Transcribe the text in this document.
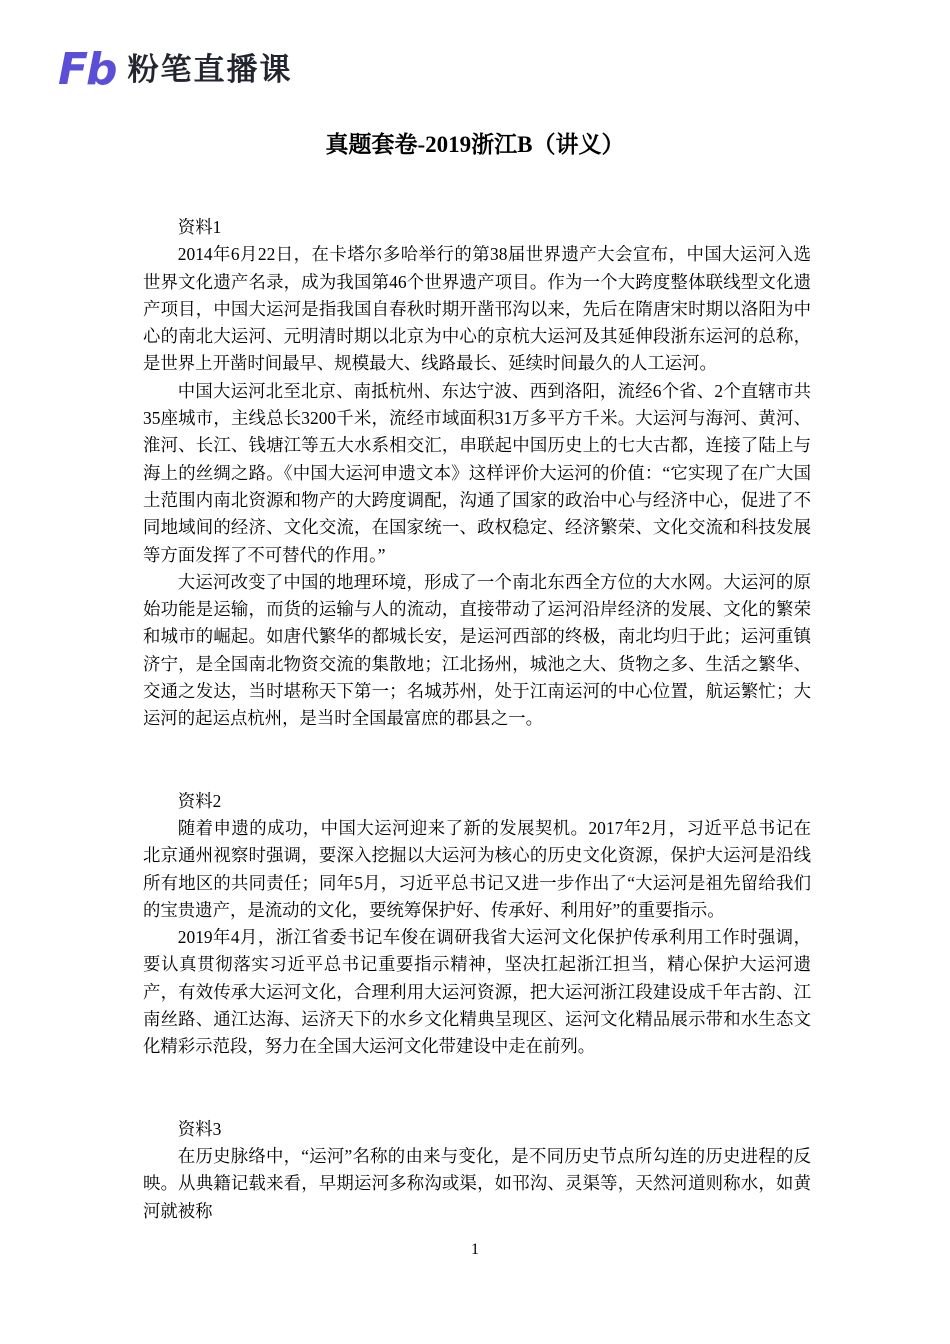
Fb 粉笔直播课
真题套卷-2019浙江B（讲义）

资料1

2014年6月22日，在卡塔尔多哈举行的第38届世界遗产大会宣布，中国大运河入选世界文化遗产名录，成为我国第46个世界遗产项目。作为一个大跨度整体联线型文化遗产项目，中国大运河是指我国自春秋时期开凿邗沟以来，先后在隋唐宋时期以洛阳为中心的南北大运河、元明清时期以北京为中心的京杭大运河及其延伸段浙东运河的总称，是世界上开凿时间最早、规模最大、线路最长、延续时间最久的人工运河。

中国大运河北至北京、南抵杭州、东达宁波、西到洛阳，流经6个省、2个直辖市共35座城市，主线总长3200千米，流经市域面积31万多平方千米。大运河与海河、黄河、淮河、长江、钱塘江等五大水系相交汇，串联起中国历史上的七大古都，连接了陆上与海上的丝绸之路。《中国大运河申遗文本》这样评价大运河的价值：“它实现了在广大国土范围内南北资源和物产的大跨度调配，沟通了国家的政治中心与经济中心，促进了不同地域间的经济、文化交流，在国家统一、政权稳定、经济繁荣、文化交流和科技发展等方面发挥了不可替代的作用。”

大运河改变了中国的地理环境，形成了一个南北东西全方位的大水网。大运河的原始功能是运输，而货的运输与人的流动，直接带动了运河沿岸经济的发展、文化的繁荣和城市的崛起。如唐代繁华的都城长安，是运河西部的终极，南北均归于此；运河重镇济宁，是全国南北物资交流的集散地；江北扬州，城池之大、货物之多、生活之繁华、交通之发达，当时堪称天下第一；名城苏州，处于江南运河的中心位置，航运繁忙；大运河的起运点杭州，是当时全国最富庶的郡县之一。

资料2

随着申遗的成功，中国大运河迎来了新的发展契机。2017年2月，习近平总书记在北京通州视察时强调，要深入挖掘以大运河为核心的历史文化资源，保护大运河是沿线所有地区的共同责任；同年5月，习近平总书记又进一步作出了“大运河是祖先留给我们的宝贵遗产，是流动的文化，要统筹保护好、传承好、利用好”的重要指示。

2019年4月，浙江省委书记车俊在调研我省大运河文化保护传承利用工作时强调，要认真贯彻落实习近平总书记重要指示精神，坚决扛起浙江担当，精心保护大运河遗产，有效传承大运河文化，合理利用大运河资源，把大运河浙江段建设成千年古韵、江南丝路、通江达海、运济天下的水乡文化精典呈现区、运河文化精品展示带和水生态文化精彩示范段，努力在全国大运河文化带建设中走在前列。

资料3

在历史脉络中，“运河”名称的由来与变化，是不同历史节点所勾连的历史进程的反映。从典籍记载来看，早期运河多称沟或渠，如邗沟、灵渠等，天然河道则称水，如黄河就被称

1
